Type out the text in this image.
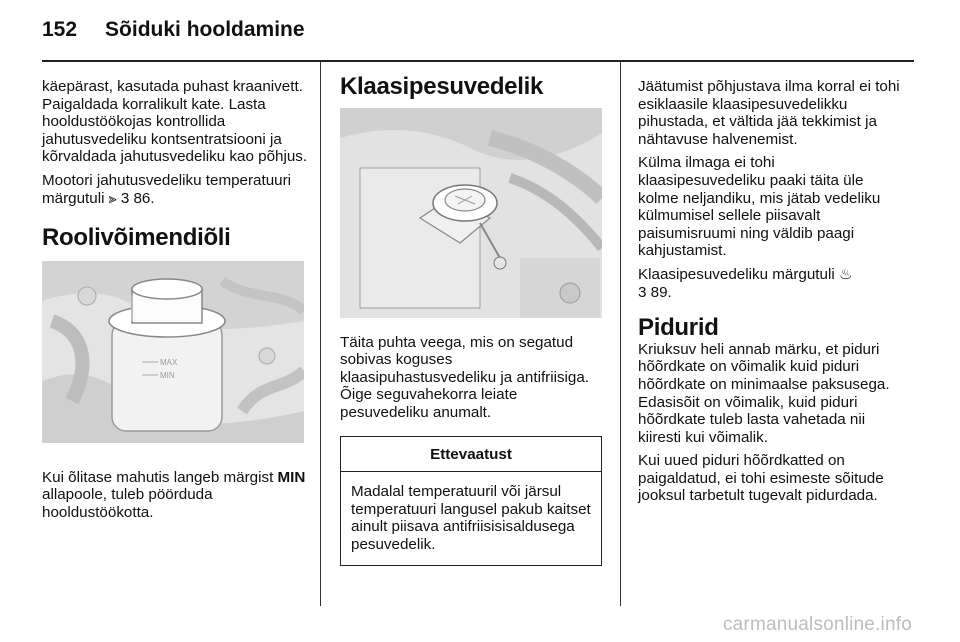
152 Sõiduki hooldamine

käepärast, kasutada puhast kraanivett. Paigaldada korralikult kate. Lasta hooldustöökojas kontrollida jahutusvedeliku kontsentratsiooni ja kõrvaldada jahutusvedeliku kao põhjus.

Mootori jahutusvedeliku temperatuuri märgutuli ⫸ 3 86.

Roolivõimendiõli
MAX
MIN

Kui õlitase mahutis langeb märgist MIN allapoole, tuleb pöörduda hooldustöökotta.

Klaasipesuvedelik

Täita puhta veega, mis on segatud sobivas koguses klaasipuhastusvedeliku ja antifriisiga. Õige seguvahekorra leiate pesuvedeliku anumalt.

Ettevaatust
Madalal temperatuuril või järsul temperatuuri langusel pakub kaitset ainult piisava antifriisisisaldusega pesuvedelik.

Jäätumist põhjustava ilma korral ei tohi esiklaasile klaasipesuvedelikku pihustada, et vältida jää tekkimist ja nähtavuse halvenemist.

Külma ilmaga ei tohi klaasipesuvedeliku paaki täita üle kolme neljandiku, mis jätab vedeliku külmumisel sellele piisavalt paisumisruumi ning väldib paagi kahjustamist.

Klaasipesuvedeliku märgutuli ♨
3 89.

Pidurid

Kriuksuv heli annab märku, et piduri hõõrdkate on võimalik kuid piduri hõõrdkate on minimaalse paksusega. Edasisõit on võimalik, kuid piduri hõõrdkate tuleb lasta vahetada nii kiiresti kui võimalik.

Kui uued piduri hõõrdkatted on paigaldatud, ei tohi esimeste sõitude jooksul tarbetult tugevalt pidurdada.

carmanualsonline.info
